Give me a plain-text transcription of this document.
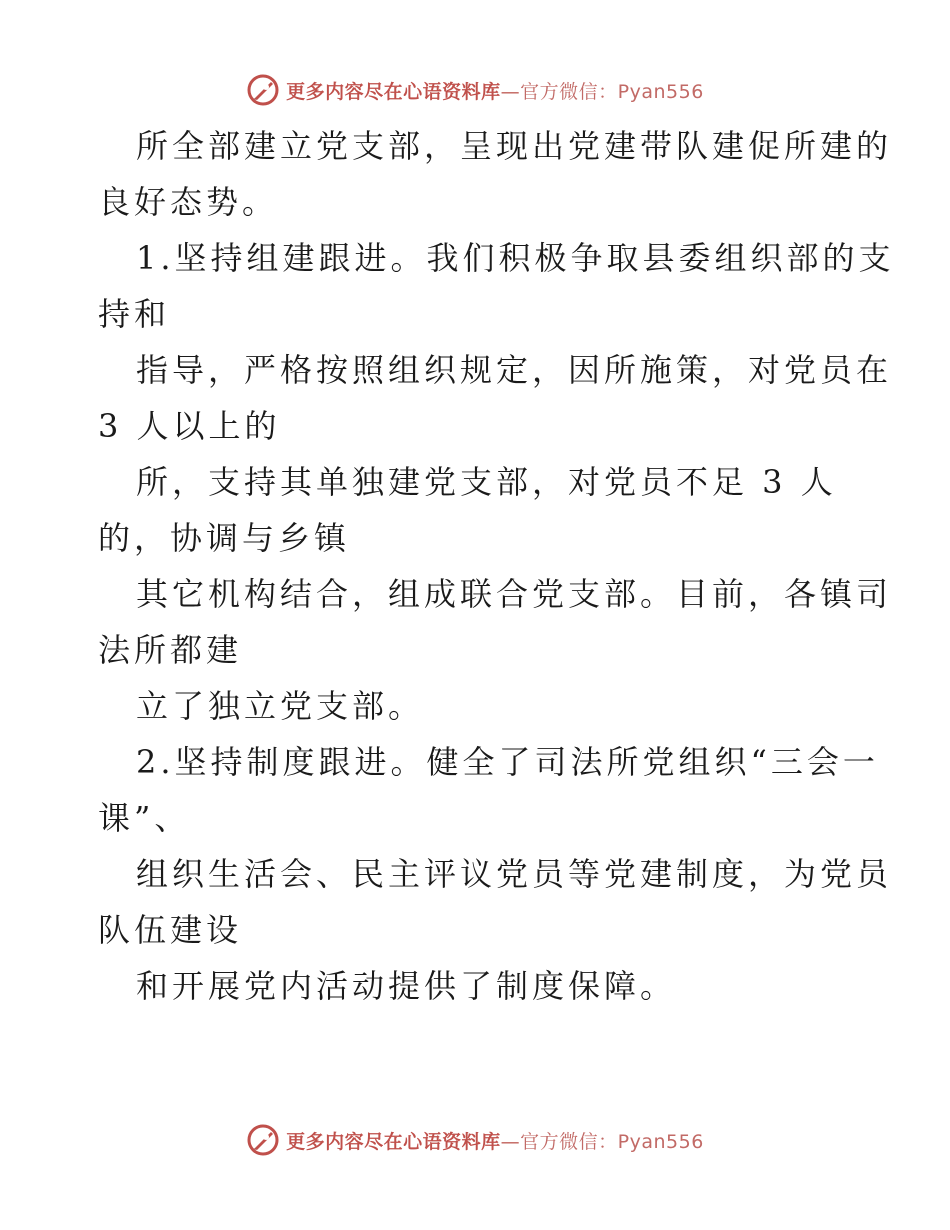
更多内容尽在心语资料库—官方微信：Pyan556
所全部建立党支部，呈现出党建带队建促所建的
良好态势。
1.坚持组建跟进。我们积极争取县委组织部的支
持和
指导，严格按照组织规定，因所施策，对党员在
3 人以上的
所，支持其单独建党支部，对党员不足 3 人
的，协调与乡镇
其它机构结合，组成联合党支部。目前，各镇司
法所都建
立了独立党支部。
2.坚持制度跟进。健全了司法所党组织“三会一
课”、
组织生活会、民主评议党员等党建制度，为党员
队伍建设
和开展党内活动提供了制度保障。
更多内容尽在心语资料库—官方微信：Pyan556
